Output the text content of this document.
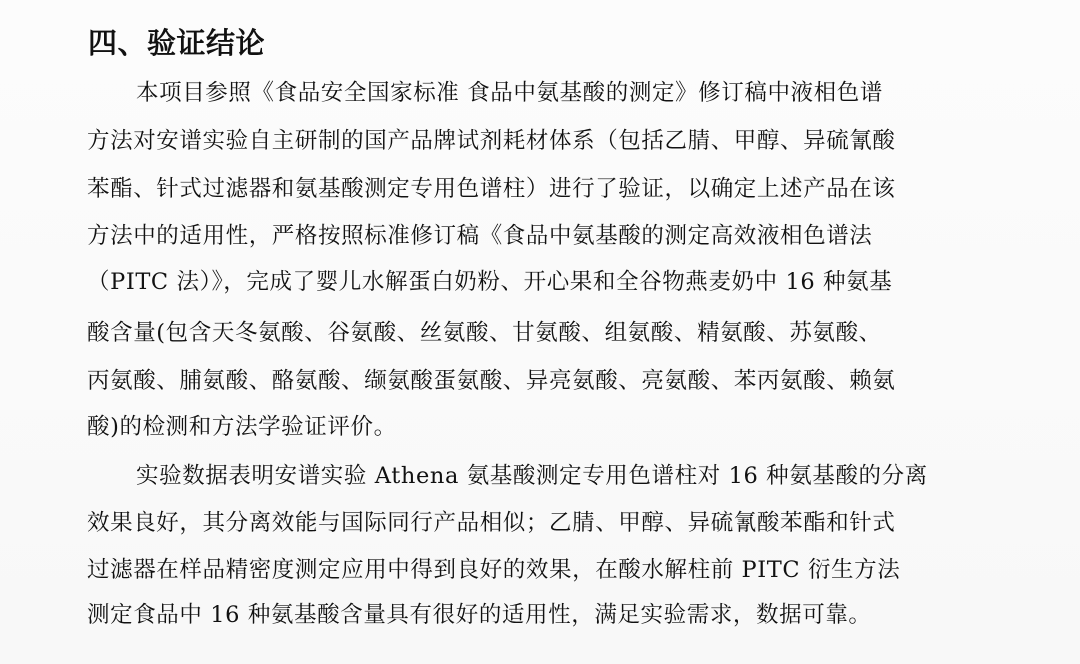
四、验证结论
本项目参照《食品安全国家标准 食品中氨基酸的测定》修订稿中液相色谱
方法对安谱实验自主研制的国产品牌试剂耗材体系（包括乙腈、甲醇、异硫氰酸
苯酯、针式过滤器和氨基酸测定专用色谱柱）进行了验证，以确定上述产品在该
方法中的适用性，严格按照标准修订稿《食品中氨基酸的测定高效液相色谱法
（PITC 法）》，完成了婴儿水解蛋白奶粉、开心果和全谷物燕麦奶中 16 种氨基
酸含量(包含天冬氨酸、谷氨酸、丝氨酸、甘氨酸、组氨酸、精氨酸、苏氨酸、
丙氨酸、脯氨酸、酪氨酸、缬氨酸蛋氨酸、异亮氨酸、亮氨酸、苯丙氨酸、赖氨
酸)的检测和方法学验证评价。
实验数据表明安谱实验 Athena 氨基酸测定专用色谱柱对 16 种氨基酸的分离
效果良好，其分离效能与国际同行产品相似；乙腈、甲醇、异硫氰酸苯酯和针式
过滤器在样品精密度测定应用中得到良好的效果，在酸水解柱前 PITC 衍生方法
测定食品中 16 种氨基酸含量具有很好的适用性，满足实验需求，数据可靠。
